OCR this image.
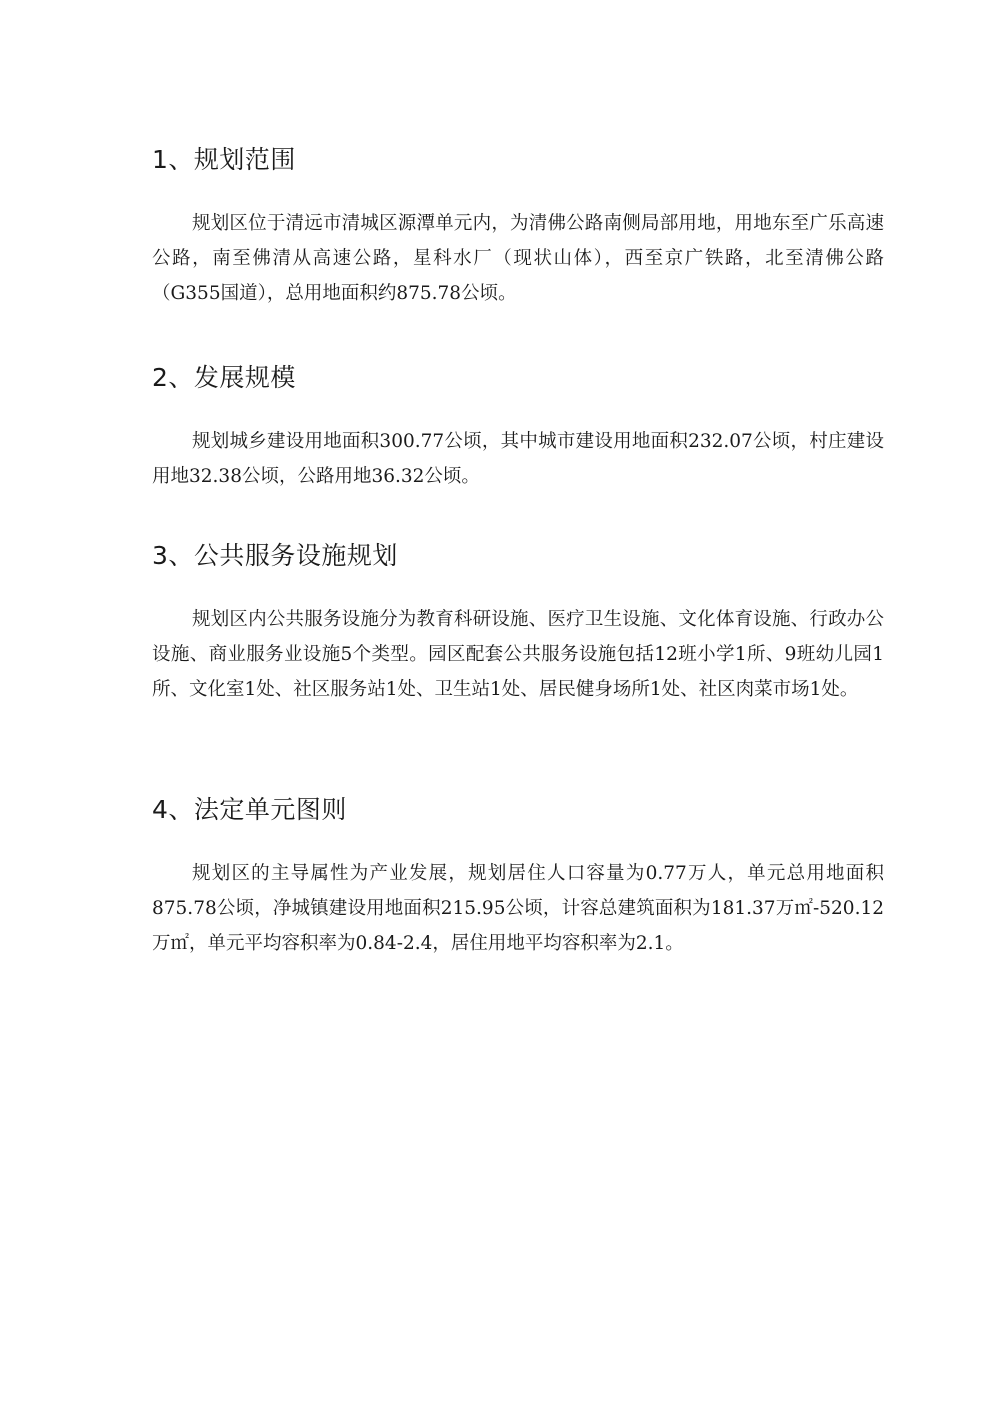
1、规划范围

规划区位于清远市清城区源潭单元内，为清佛公路南侧局部用地，用地东至广乐高速公路，南至佛清从高速公路，星科水厂（现状山体），西至京广铁路，北至清佛公路（G355国道），总用地面积约875.78公顷。

2、发展规模

规划城乡建设用地面积300.77公顷，其中城市建设用地面积232.07公顷，村庄建设用地32.38公顷，公路用地36.32公顷。

3、公共服务设施规划

规划区内公共服务设施分为教育科研设施、医疗卫生设施、文化体育设施、行政办公设施、商业服务业设施5个类型。园区配套公共服务设施包括12班小学1所、9班幼儿园1所、文化室1处、社区服务站1处、卫生站1处、居民健身场所1处、社区肉菜市场1处。

4、法定单元图则

规划区的主导属性为产业发展，规划居住人口容量为0.77万人，单元总用地面积875.78公顷，净城镇建设用地面积215.95公顷，计容总建筑面积为181.37万㎡-520.12万㎡，单元平均容积率为0.84-2.4，居住用地平均容积率为2.1。
